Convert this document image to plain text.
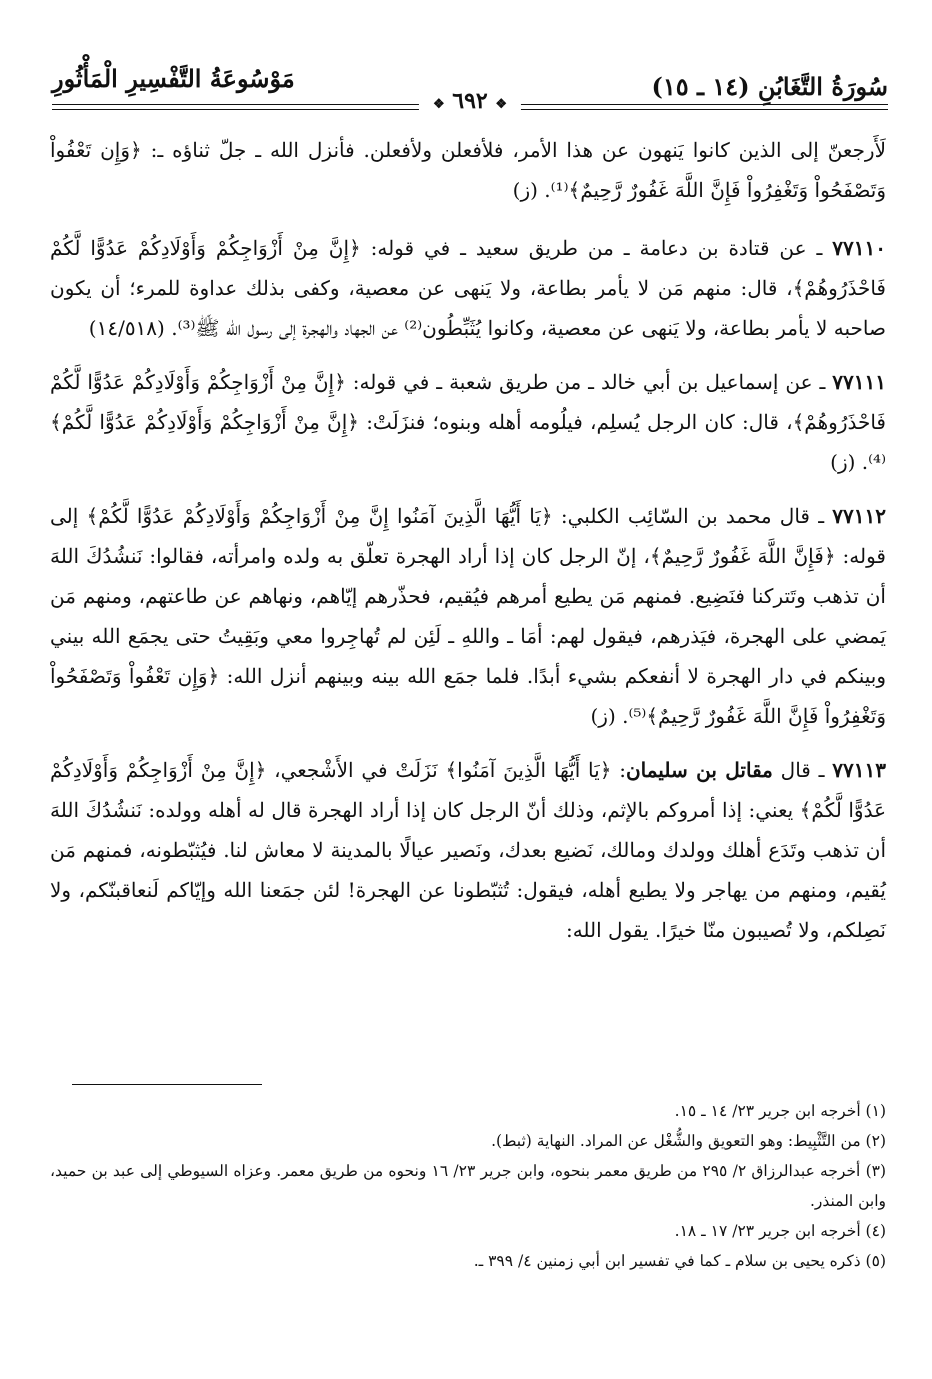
سُورَةُ التَّغَابُنِ (١٤ ـ ١٥)
مَوْسُوعَةُ التَّفْسِيرِ الْمَأْثُورِ
❖ ٦٩٢ ❖

لَأَرجعنّ إلى الذين كانوا يَنهون عن هذا الأمر، فلأفعلن ولأفعلن. فأنزل الله ـ جلّ ثناؤه ـ: ﴿وَإِن تَعْفُواْ وَتَصْفَحُواْ وَتَغْفِرُواْ فَإِنَّ اللَّهَ غَفُورٌ رَّحِيمٌ﴾⁽¹⁾. (ز)

٧٧١١٠ ـ عن قتادة بن دعامة ـ من طريق سعيد ـ في قوله: ﴿إِنَّ مِنْ أَزْوَاجِكُمْ وَأَوْلَادِكُمْ عَدُوًّا لَّكُمْ فَاحْذَرُوهُمْ﴾، قال: منهم مَن لا يأمر بطاعة، ولا يَنهى عن معصية، وكفى بذلك عداوة للمرء؛ أن يكون صاحبه لا يأمر بطاعة، ولا يَنهى عن معصية، وكانوا يُثَبِّطُون⁽²⁾ عن الجهاد والهجرة إلى رسول الله ﷺ⁽³⁾. (١٤/٥١٨)

٧٧١١١ ـ عن إسماعيل بن أبي خالد ـ من طريق شعبة ـ في قوله: ﴿إِنَّ مِنْ أَزْوَاجِكُمْ وَأَوْلَادِكُمْ عَدُوًّا لَّكُمْ فَاحْذَرُوهُمْ﴾، قال: كان الرجل يُسلِم، فيلُومه أهله وبنوه؛ فنزَلَتْ: ﴿إِنَّ مِنْ أَزْوَاجِكُمْ وَأَوْلَادِكُمْ عَدُوًّا لَّكُمْ﴾⁽⁴⁾. (ز)

٧٧١١٢ ـ قال محمد بن السّائِب الكلبي: ﴿يَا أَيُّهَا الَّذِينَ آمَنُوا إِنَّ مِنْ أَزْوَاجِكُمْ وَأَوْلَادِكُمْ عَدُوًّا لَّكُمْ﴾ إلى قوله: ﴿فَإِنَّ اللَّهَ غَفُورٌ رَّحِيمٌ﴾، إنّ الرجل كان إذا أراد الهجرة تعلّق به ولده وامرأته، فقالوا: نَنشُدُكَ اللهَ أن تذهب وتَتركنا فنَضِيع. فمنهم مَن يطيع أمرهم فيُقيم، فحذّرهم إيّاهم، ونهاهم عن طاعتهم، ومنهم مَن يَمضي على الهجرة، فيَذرهم، فيقول لهم: أمَا ـ واللهِ ـ لَئِن لم تُهاجِروا معي وبَقِيتُ حتى يجمَع الله بيني وبينكم في دار الهجرة لا أنفعكم بشيء أبدًا. فلما جمَع الله بينه وبينهم أنزل الله: ﴿وَإِن تَعْفُواْ وَتَصْفَحُواْ وَتَغْفِرُواْ فَإِنَّ اللَّهَ غَفُورٌ رَّحِيمٌ﴾⁽⁵⁾. (ز)

٧٧١١٣ ـ قال مقاتل بن سليمان: ﴿يَا أَيُّهَا الَّذِينَ آمَنُوا﴾ نَزَلَتْ في الأَشْجعي، ﴿إِنَّ مِنْ أَزْوَاجِكُمْ وَأَوْلَادِكُمْ عَدُوًّا لَّكُمْ﴾ يعني: إذا أمروكم بالإثم، وذلك أنّ الرجل كان إذا أراد الهجرة قال له أهله وولده: نَنشُدُكَ اللهَ أن تذهب وتَدَع أهلك وولدك ومالك، نَضيع بعدك، ونَصير عيالًا بالمدينة لا معاش لنا. فيُثبّطونه، فمنهم مَن يُقيم، ومنهم من يهاجر ولا يطيع أهله، فيقول: تُثبّطونا عن الهجرة! لئن جمَعنا الله وإيّاكم لَنعاقبنّكم، ولا نَصِلكم، ولا تُصيبون منّا خيرًا. يقول الله:

(١) أخرجه ابن جرير ٢٣/ ١٤ ـ ١٥.
(٢) من التَّثْبِيط: وهو التعويق والشُّغْل عن المراد. النهاية (ثبط).
(٣) أخرجه عبدالرزاق ٢/ ٢٩٥ من طريق معمر بنحوه، وابن جرير ٢٣/ ١٦ ونحوه من طريق معمر. وعزاه السيوطي إلى عبد بن حميد، وابن المنذر.
(٤) أخرجه ابن جرير ٢٣/ ١٧ ـ ١٨.
(٥) ذكره يحيى بن سلام ـ كما في تفسير ابن أبي زمنين ٤/ ٣٩٩ ـ.
